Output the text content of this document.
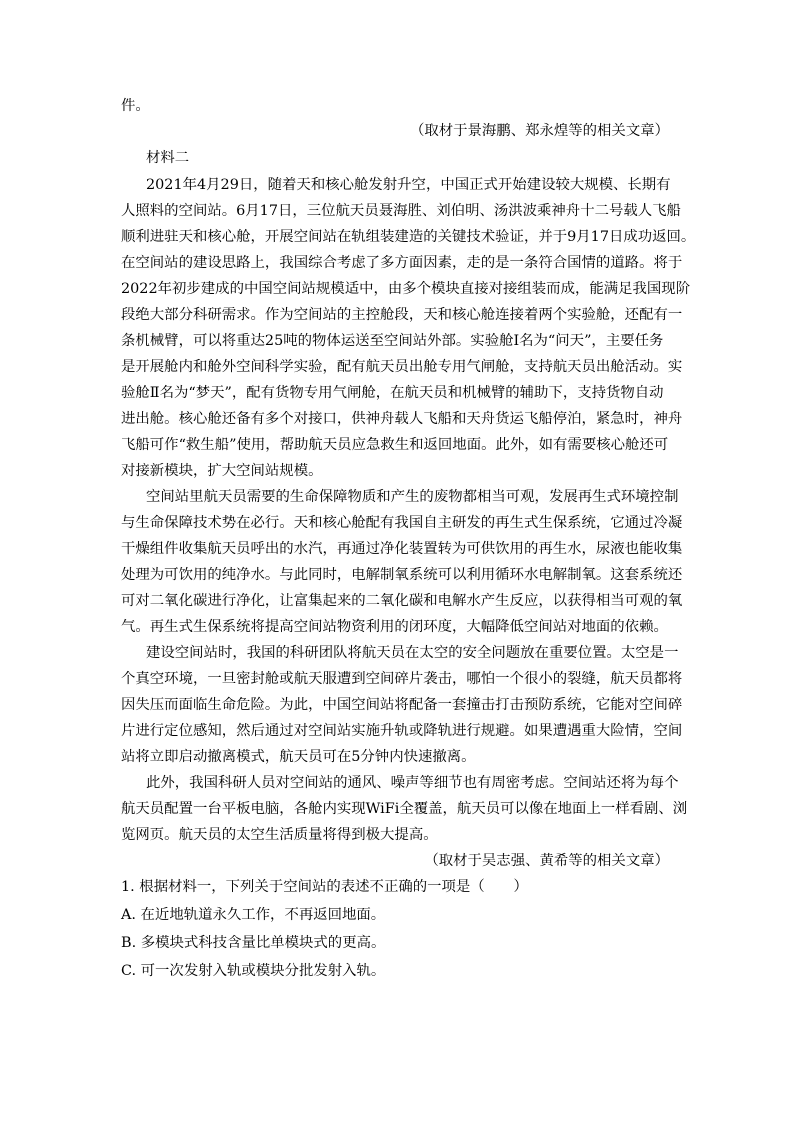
件。
（取材于景海鹏、郑永煌等的相关文章）
材料二
2021年4月29日，随着天和核心舱发射升空，中国正式开始建设较大规模、长期有
人照料的空间站。6月17日，三位航天员聂海胜、刘伯明、汤洪波乘神舟十二号载人飞船
顺利进驻天和核心舱，开展空间站在轨组装建造的关键技术验证，并于9月17日成功返回。
在空间站的建设思路上，我国综合考虑了多方面因素，走的是一条符合国情的道路。将于
2022年初步建成的中国空间站规模适中，由多个模块直接对接组装而成，能满足我国现阶
段绝大部分科研需求。作为空间站的主控舱段，天和核心舱连接着两个实验舱，还配有一
条机械臂，可以将重达25吨的物体运送至空间站外部。实验舱Ⅰ名为“问天”，主要任务
是开展舱内和舱外空间科学实验，配有航天员出舱专用气闸舱，支持航天员出舱活动。实
验舱Ⅱ名为“梦天”，配有货物专用气闸舱，在航天员和机械臂的辅助下，支持货物自动
进出舱。核心舱还备有多个对接口，供神舟载人飞船和天舟货运飞船停泊，紧急时，神舟
飞船可作“救生船”使用，帮助航天员应急救生和返回地面。此外，如有需要核心舱还可
对接新模块，扩大空间站规模。
空间站里航天员需要的生命保障物质和产生的废物都相当可观，发展再生式环境控制
与生命保障技术势在必行。天和核心舱配有我国自主研发的再生式生保系统，它通过冷凝
干燥组件收集航天员呼出的水汽，再通过净化装置转为可供饮用的再生水，尿液也能收集
处理为可饮用的纯净水。与此同时，电解制氧系统可以利用循环水电解制氧。这套系统还
可对二氧化碳进行净化，让富集起来的二氧化碳和电解水产生反应，以获得相当可观的氧
气。再生式生保系统将提高空间站物资利用的闭环度，大幅降低空间站对地面的依赖。
建设空间站时，我国的科研团队将航天员在太空的安全问题放在重要位置。太空是一
个真空环境，一旦密封舱或航天服遭到空间碎片袭击，哪怕一个很小的裂缝，航天员都将
因失压而面临生命危险。为此，中国空间站将配备一套撞击打击预防系统，它能对空间碎
片进行定位感知，然后通过对空间站实施升轨或降轨进行规避。如果遭遇重大险情，空间
站将立即启动撤离模式，航天员可在5分钟内快速撤离。
此外，我国科研人员对空间站的通风、噪声等细节也有周密考虑。空间站还将为每个
航天员配置一台平板电脑，各舱内实现WiFi全覆盖，航天员可以像在地面上一样看剧、浏
览网页。航天员的太空生活质量将得到极大提高。
（取材于吴志强、黄希等的相关文章）
1. 根据材料一，下列关于空间站的表述不正确的一项是（　　）
A. 在近地轨道永久工作，不再返回地面。
B. 多模块式科技含量比单模块式的更高。
C. 可一次发射入轨或模块分批发射入轨。
